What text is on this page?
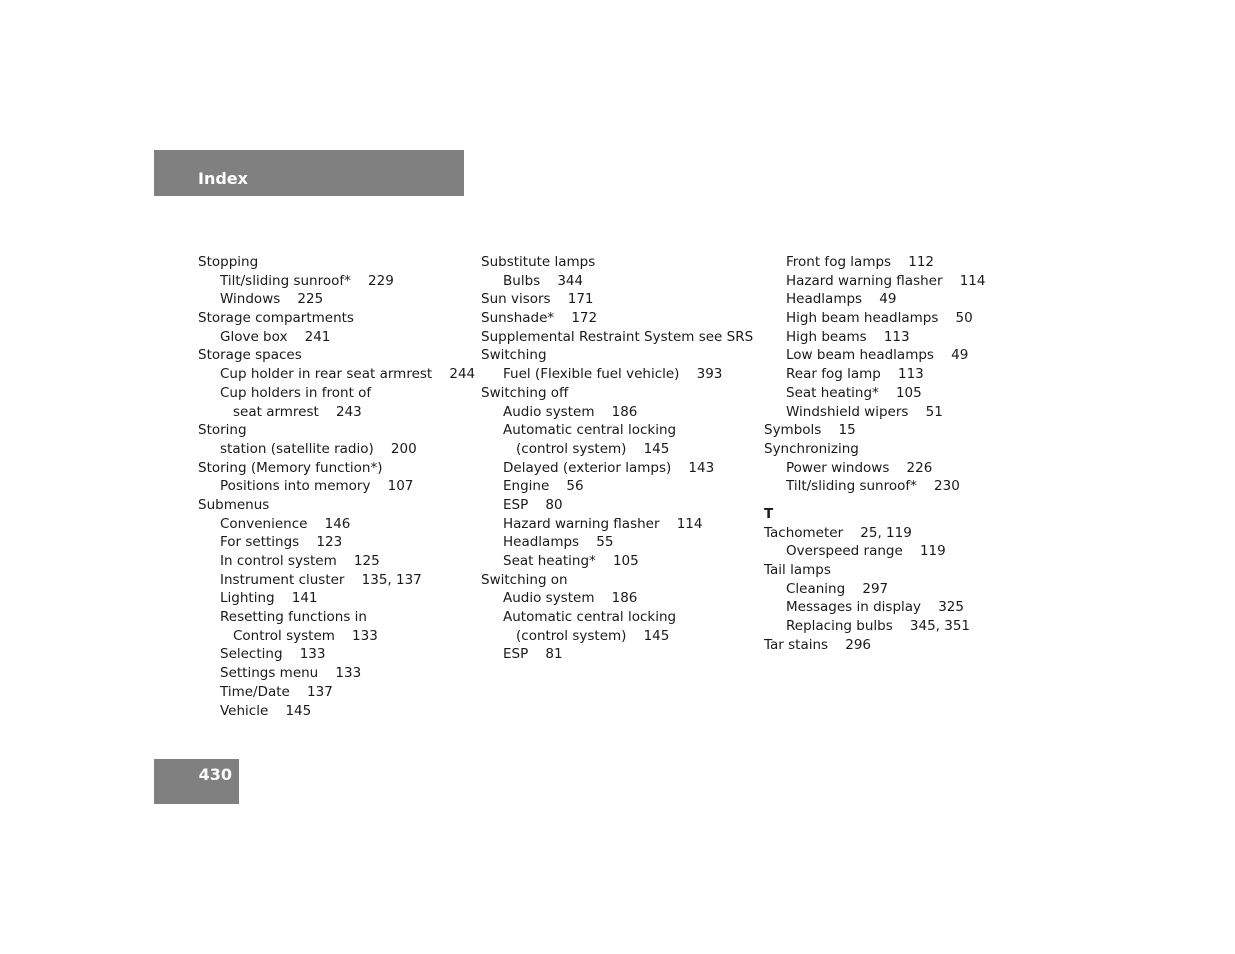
Index
Stopping
Tilt/sliding sunroof*    229
Windows    225
Storage compartments
Glove box    241
Storage spaces
Cup holder in rear seat armrest    244
Cup holders in front of
seat armrest    243
Storing
station (satellite radio)    200
Storing (Memory function*)
Positions into memory    107
Submenus
Convenience    146
For settings    123
In control system    125
Instrument cluster    135, 137
Lighting    141
Resetting functions in
Control system    133
Selecting    133
Settings menu    133
Time/Date    137
Vehicle    145
Substitute lamps
Bulbs    344
Sun visors    171
Sunshade*    172
Supplemental Restraint System see SRS
Switching
Fuel (Flexible fuel vehicle)    393
Switching off
Audio system    186
Automatic central locking
(control system)    145
Delayed (exterior lamps)    143
Engine    56
ESP    80
Hazard warning flasher    114
Headlamps    55
Seat heating*    105
Switching on
Audio system    186
Automatic central locking
(control system)    145
ESP    81
Front fog lamps    112
Hazard warning flasher    114
Headlamps    49
High beam headlamps    50
High beams    113
Low beam headlamps    49
Rear fog lamp    113
Seat heating*    105
Windshield wipers    51
Symbols    15
Synchronizing
Power windows    226
Tilt/sliding sunroof*    230
T
Tachometer    25, 119
Overspeed range    119
Tail lamps
Cleaning    297
Messages in display    325
Replacing bulbs    345, 351
Tar stains    296
430
